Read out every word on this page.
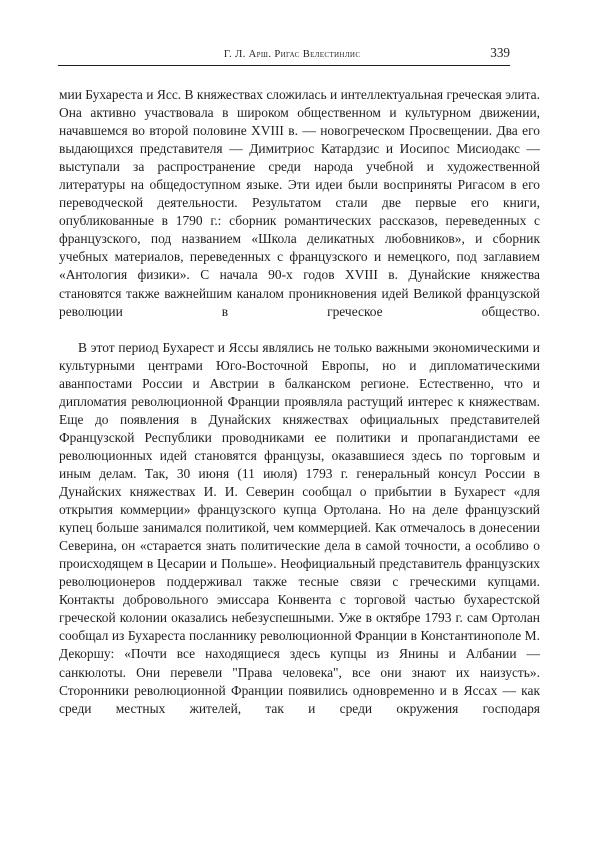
Г. Л. Арш. Ригас Велестинлис	339

мии Бухареста и Ясс. В княжествах сложилась и интеллектуальная греческая элита. Она активно участвовала в широком общественном и культурном движении, начавшемся во второй половине XVIII в. — новогреческом Просвещении. Два его выдающихся представителя — Димитриос Катардзис и Иосипос Мисиодакс — выступали за распространение среди народа учебной и художественной литературы на общедоступном языке. Эти идеи были восприняты Ригасом в его переводческой деятельности. Результатом стали две первые его книги, опубликованные в 1790 г.: сборник романтических рассказов, переведенных с французского, под названием «Школа деликатных любовников», и сборник учебных материалов, переведенных с французского и немецкого, под заглавием «Антология физики». С начала 90-х годов XVIII в. Дунайские княжества становятся также важнейшим каналом проникновения идей Великой французской революции в греческое общество.

В этот период Бухарест и Яссы являлись не только важными экономическими и культурными центрами Юго-Восточной Европы, но и дипломaтическими аванпостами России и Австрии в балканском регионе. Естественно, что и дипломатия революционной Франции проявляла растущий интерес к княжествам. Еще до появления в Дунайских княжествах официальных представителей Французской Республики проводниками ее политики и пропагандистами ее революционных идей становятся французы, оказавшиеся здесь по торговым и иным делам. Так, 30 июня (11 июля) 1793 г. генеральный консул России в Дунайских княжествах И. И. Северин сообщал о прибытии в Бухарест «для открытия коммерции» французского купца Ортолана. Но на деле французский купец больше занимался политикой, чем коммерцией. Как отмечалось в донесении Северина, он «старается знать политические дела в самой точности, а особливо о происходящем в Цесарии и Польше». Неофициальный представитель французских революционеров поддерживал также тесные связи с греческими купцами. Контакты добровольного эмиссара Конвента с торговой частью бухарестской греческой колонии оказались небезуспешными. Уже в октябре 1793 г. сам Ортолан сообщал из Бухареста посланнику революционной Франции в Константинополе М. Декоршу: «Почти все находящиеся здесь купцы из Янины и Албании — санкюлоты. Они перевели "Права человека", все они знают их наизусть». Сторонники революционной Франции появились одновременно и в Яссах — как среди местных жителей, так и среди окружения господаря
